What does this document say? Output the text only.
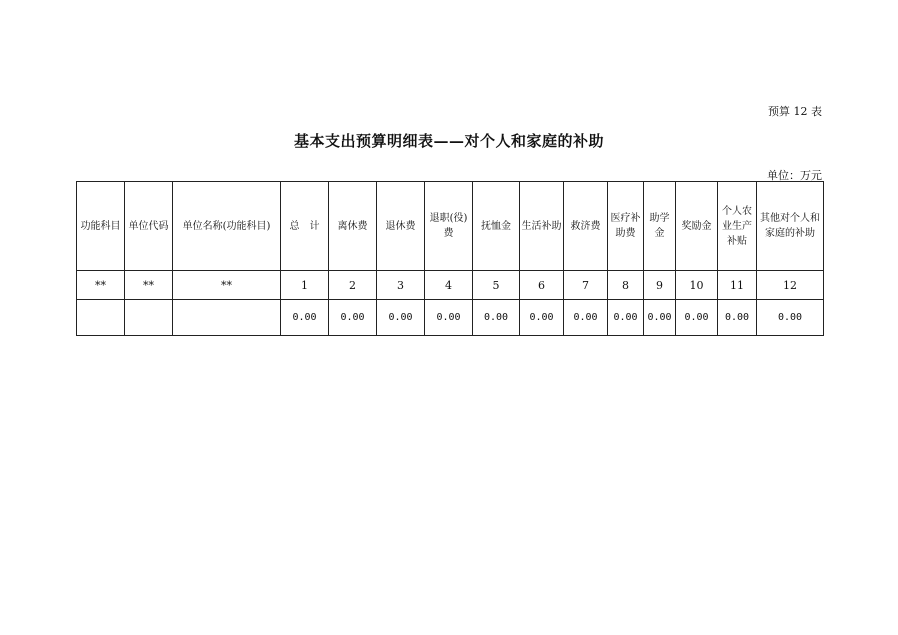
预算 12 表
基本支出预算明细表——对个人和家庭的补助
单位：万元
功能科目	单位代码	单位名称(功能科目)	总　计	离休费	退休费	退职(役)费	抚恤金	生活补助	救济费	医疗补助费	助学金	奖励金	个人农业生产补贴	其他对个人和家庭的补助
**	**	**	1	2	3	4	5	6	7	8	9	10	11	12
			0.00	0.00	0.00	0.00	0.00	0.00	0.00	0.00	0.00	0.00	0.00	0.00
